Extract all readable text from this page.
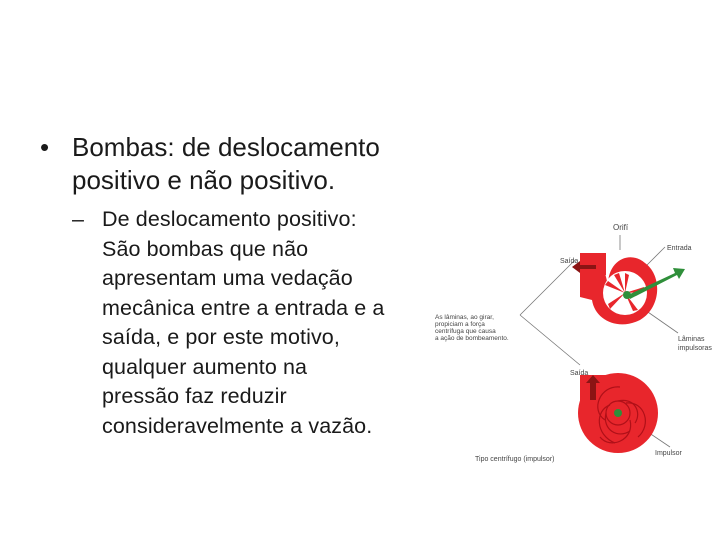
• Bombas: de deslocamento
positivo e não positivo.
– De deslocamento positivo:
São bombas que não
apresentam uma vedação
mecânica entre a entrada e a
saída, e por este motivo,
qualquer aumento na
pressão faz reduzir
consideravelmente a vazão.
Orifí
Saída
Entrada
As lâminas, ao girar,
propiciam a força
centrífuga que causa
a ação de bombeamento.	Lâminas
impulsoras
Saída
Tipo centrífugo (impulsor)
Impulsor
